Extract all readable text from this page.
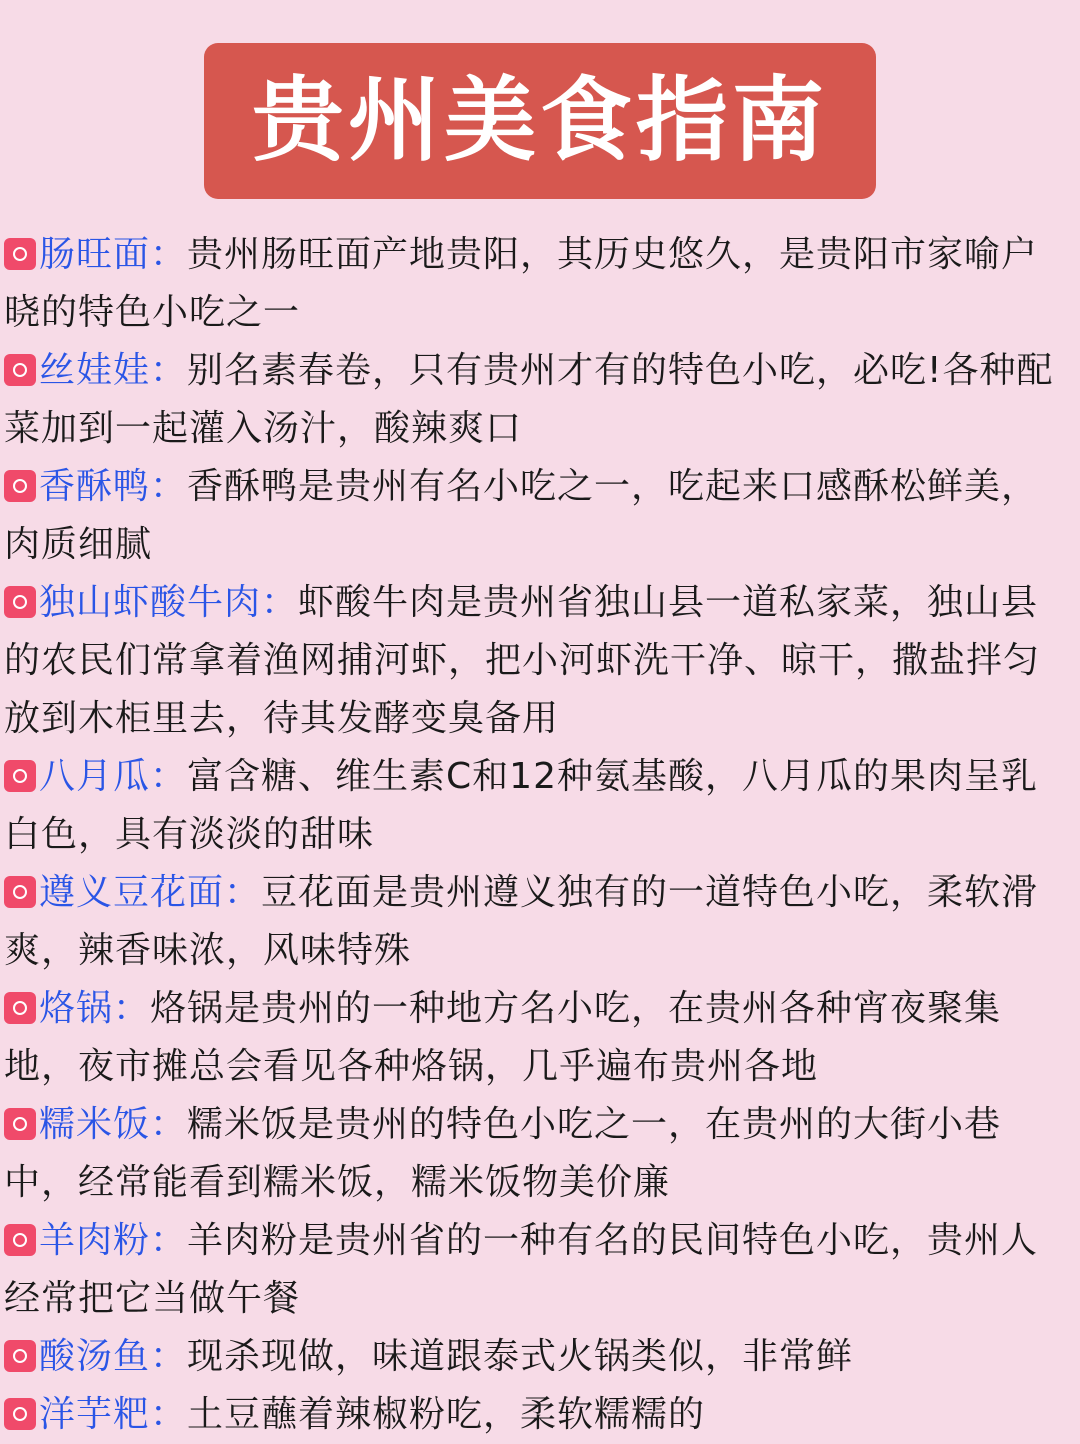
贵州美食指南

肠旺面：贵州肠旺面产地贵阳，其历史悠久，是贵阳市家喻户晓的特色小吃之一

丝娃娃：别名素春卷，只有贵州才有的特色小吃，必吃!各种配菜加到一起灌入汤汁，酸辣爽口

香酥鸭：香酥鸭是贵州有名小吃之一，吃起来口感酥松鲜美，肉质细腻

独山虾酸牛肉：虾酸牛肉是贵州省独山县一道私家菜，独山县的农民们常拿着渔网捕河虾，把小河虾洗干净、晾干，撒盐拌匀放到木柜里去，待其发酵变臭备用

八月瓜：富含糖、维生素C和12种氨基酸，八月瓜的果肉呈乳白色，具有淡淡的甜味

遵义豆花面：豆花面是贵州遵义独有的一道特色小吃，柔软滑爽，辣香味浓，风味特殊

烙锅：烙锅是贵州的一种地方名小吃，在贵州各种宵夜聚集地，夜市摊总会看见各种烙锅，几乎遍布贵州各地

糯米饭：糯米饭是贵州的特色小吃之一，在贵州的大街小巷中，经常能看到糯米饭，糯米饭物美价廉

羊肉粉：羊肉粉是贵州省的一种有名的民间特色小吃，贵州人经常把它当做午餐

酸汤鱼：现杀现做，味道跟泰式火锅类似，非常鲜

洋芋粑：土豆蘸着辣椒粉吃，柔软糯糯的
